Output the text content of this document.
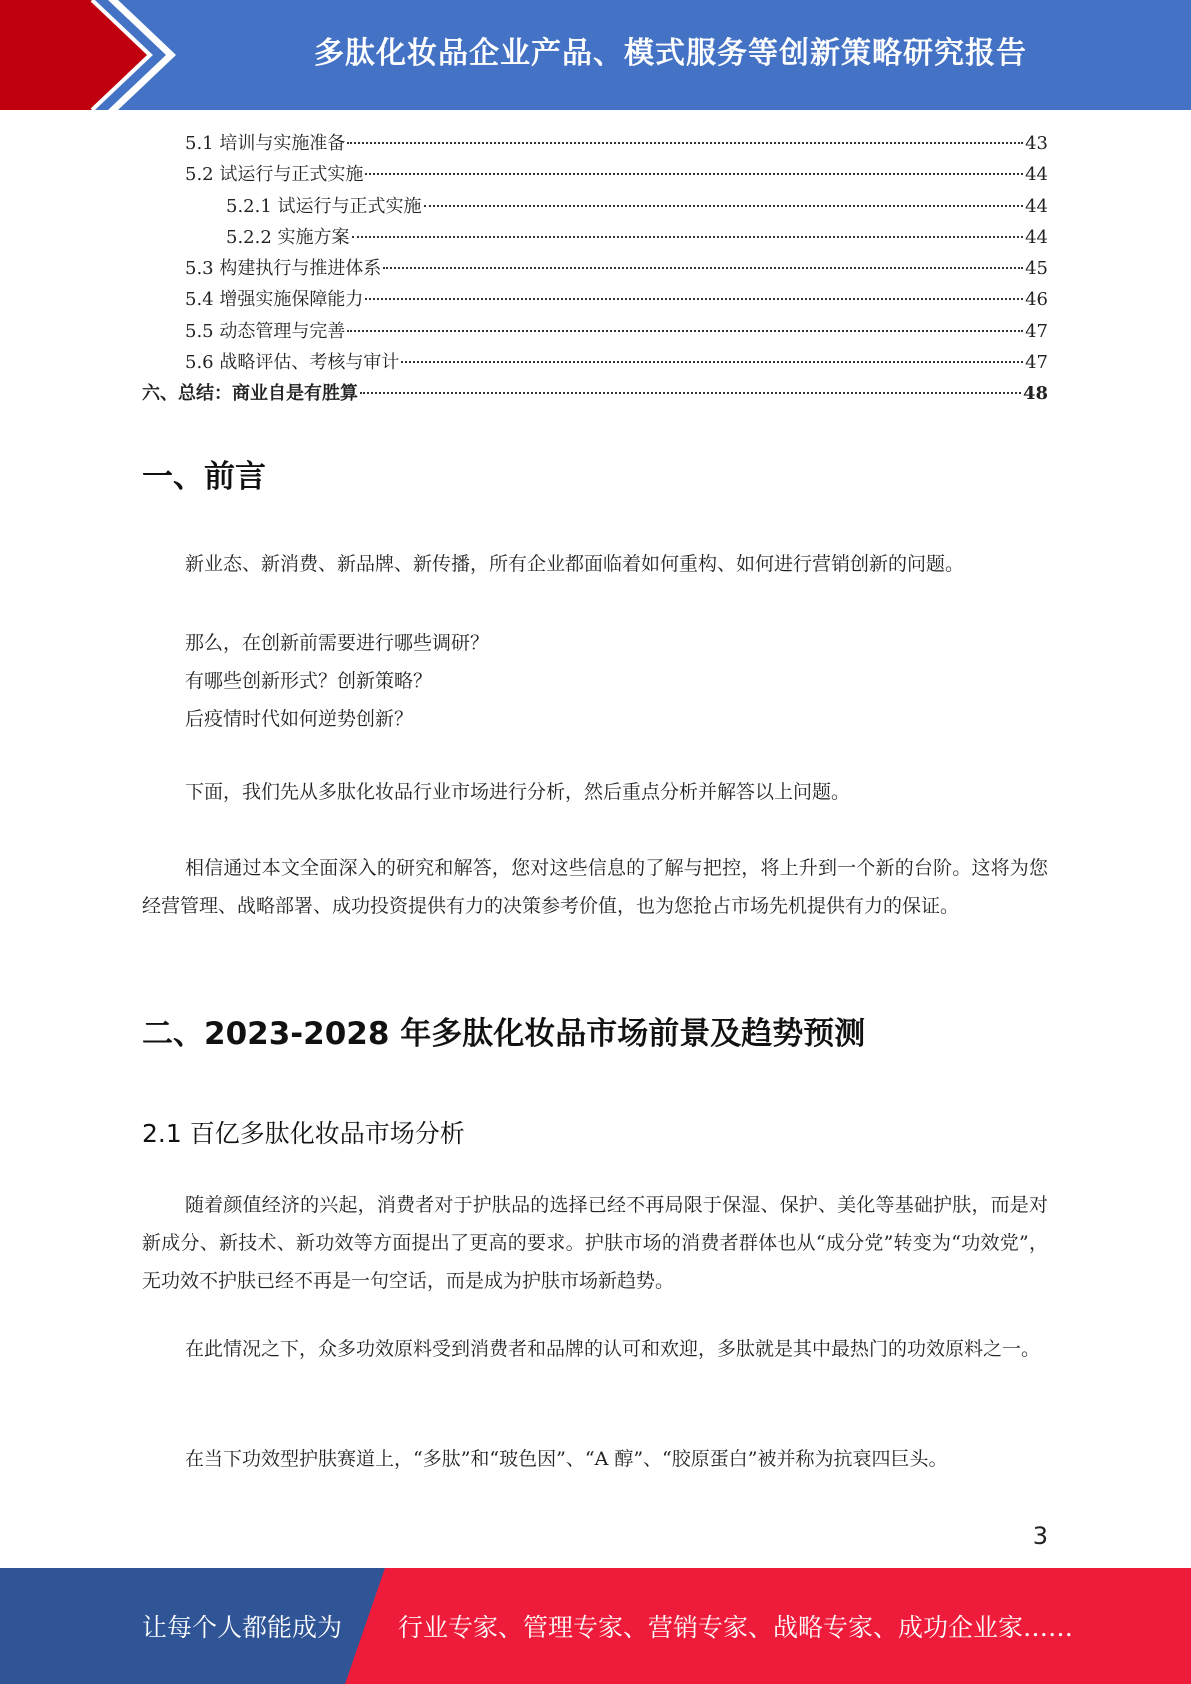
多肽化妆品企业产品、模式服务等创新策略研究报告
5.1 培训与实施准备	43
5.2 试运行与正式实施	44
5.2.1 试运行与正式实施	44
5.2.2 实施方案	44
5.3 构建执行与推进体系	45
5.4 增强实施保障能力	46
5.5 动态管理与完善	47
5.6 战略评估、考核与审计	47
六、总结：商业自是有胜算	48
一、前言

新业态、新消费、新品牌、新传播，所有企业都面临着如何重构、如何进行营销创新的问题。

那么，在创新前需要进行哪些调研？
有哪些创新形式？创新策略？
后疫情时代如何逆势创新？

下面，我们先从多肽化妆品行业市场进行分析，然后重点分析并解答以上问题。

相信通过本文全面深入的研究和解答，您对这些信息的了解与把控，将上升到一个新的台阶。这将为您经营管理、战略部署、成功投资提供有力的决策参考价值，也为您抢占市场先机提供有力的保证。

二、2023-2028 年多肽化妆品市场前景及趋势预测
2.1 百亿多肽化妆品市场分析

随着颜值经济的兴起，消费者对于护肤品的选择已经不再局限于保湿、保护、美化等基础护肤，而是对新成分、新技术、新功效等方面提出了更高的要求。护肤市场的消费者群体也从“成分党”转变为“功效党”，无功效不护肤已经不再是一句空话，而是成为护肤市场新趋势。

在此情况之下，众多功效原料受到消费者和品牌的认可和欢迎，多肽就是其中最热门的功效原料之一。

在当下功效型护肤赛道上，“多肽”和“玻色因”、“A 醇”、“胶原蛋白”被并称为抗衰四巨头。

3
让每个人都能成为 行业专家、管理专家、营销专家、战略专家、成功企业家……
